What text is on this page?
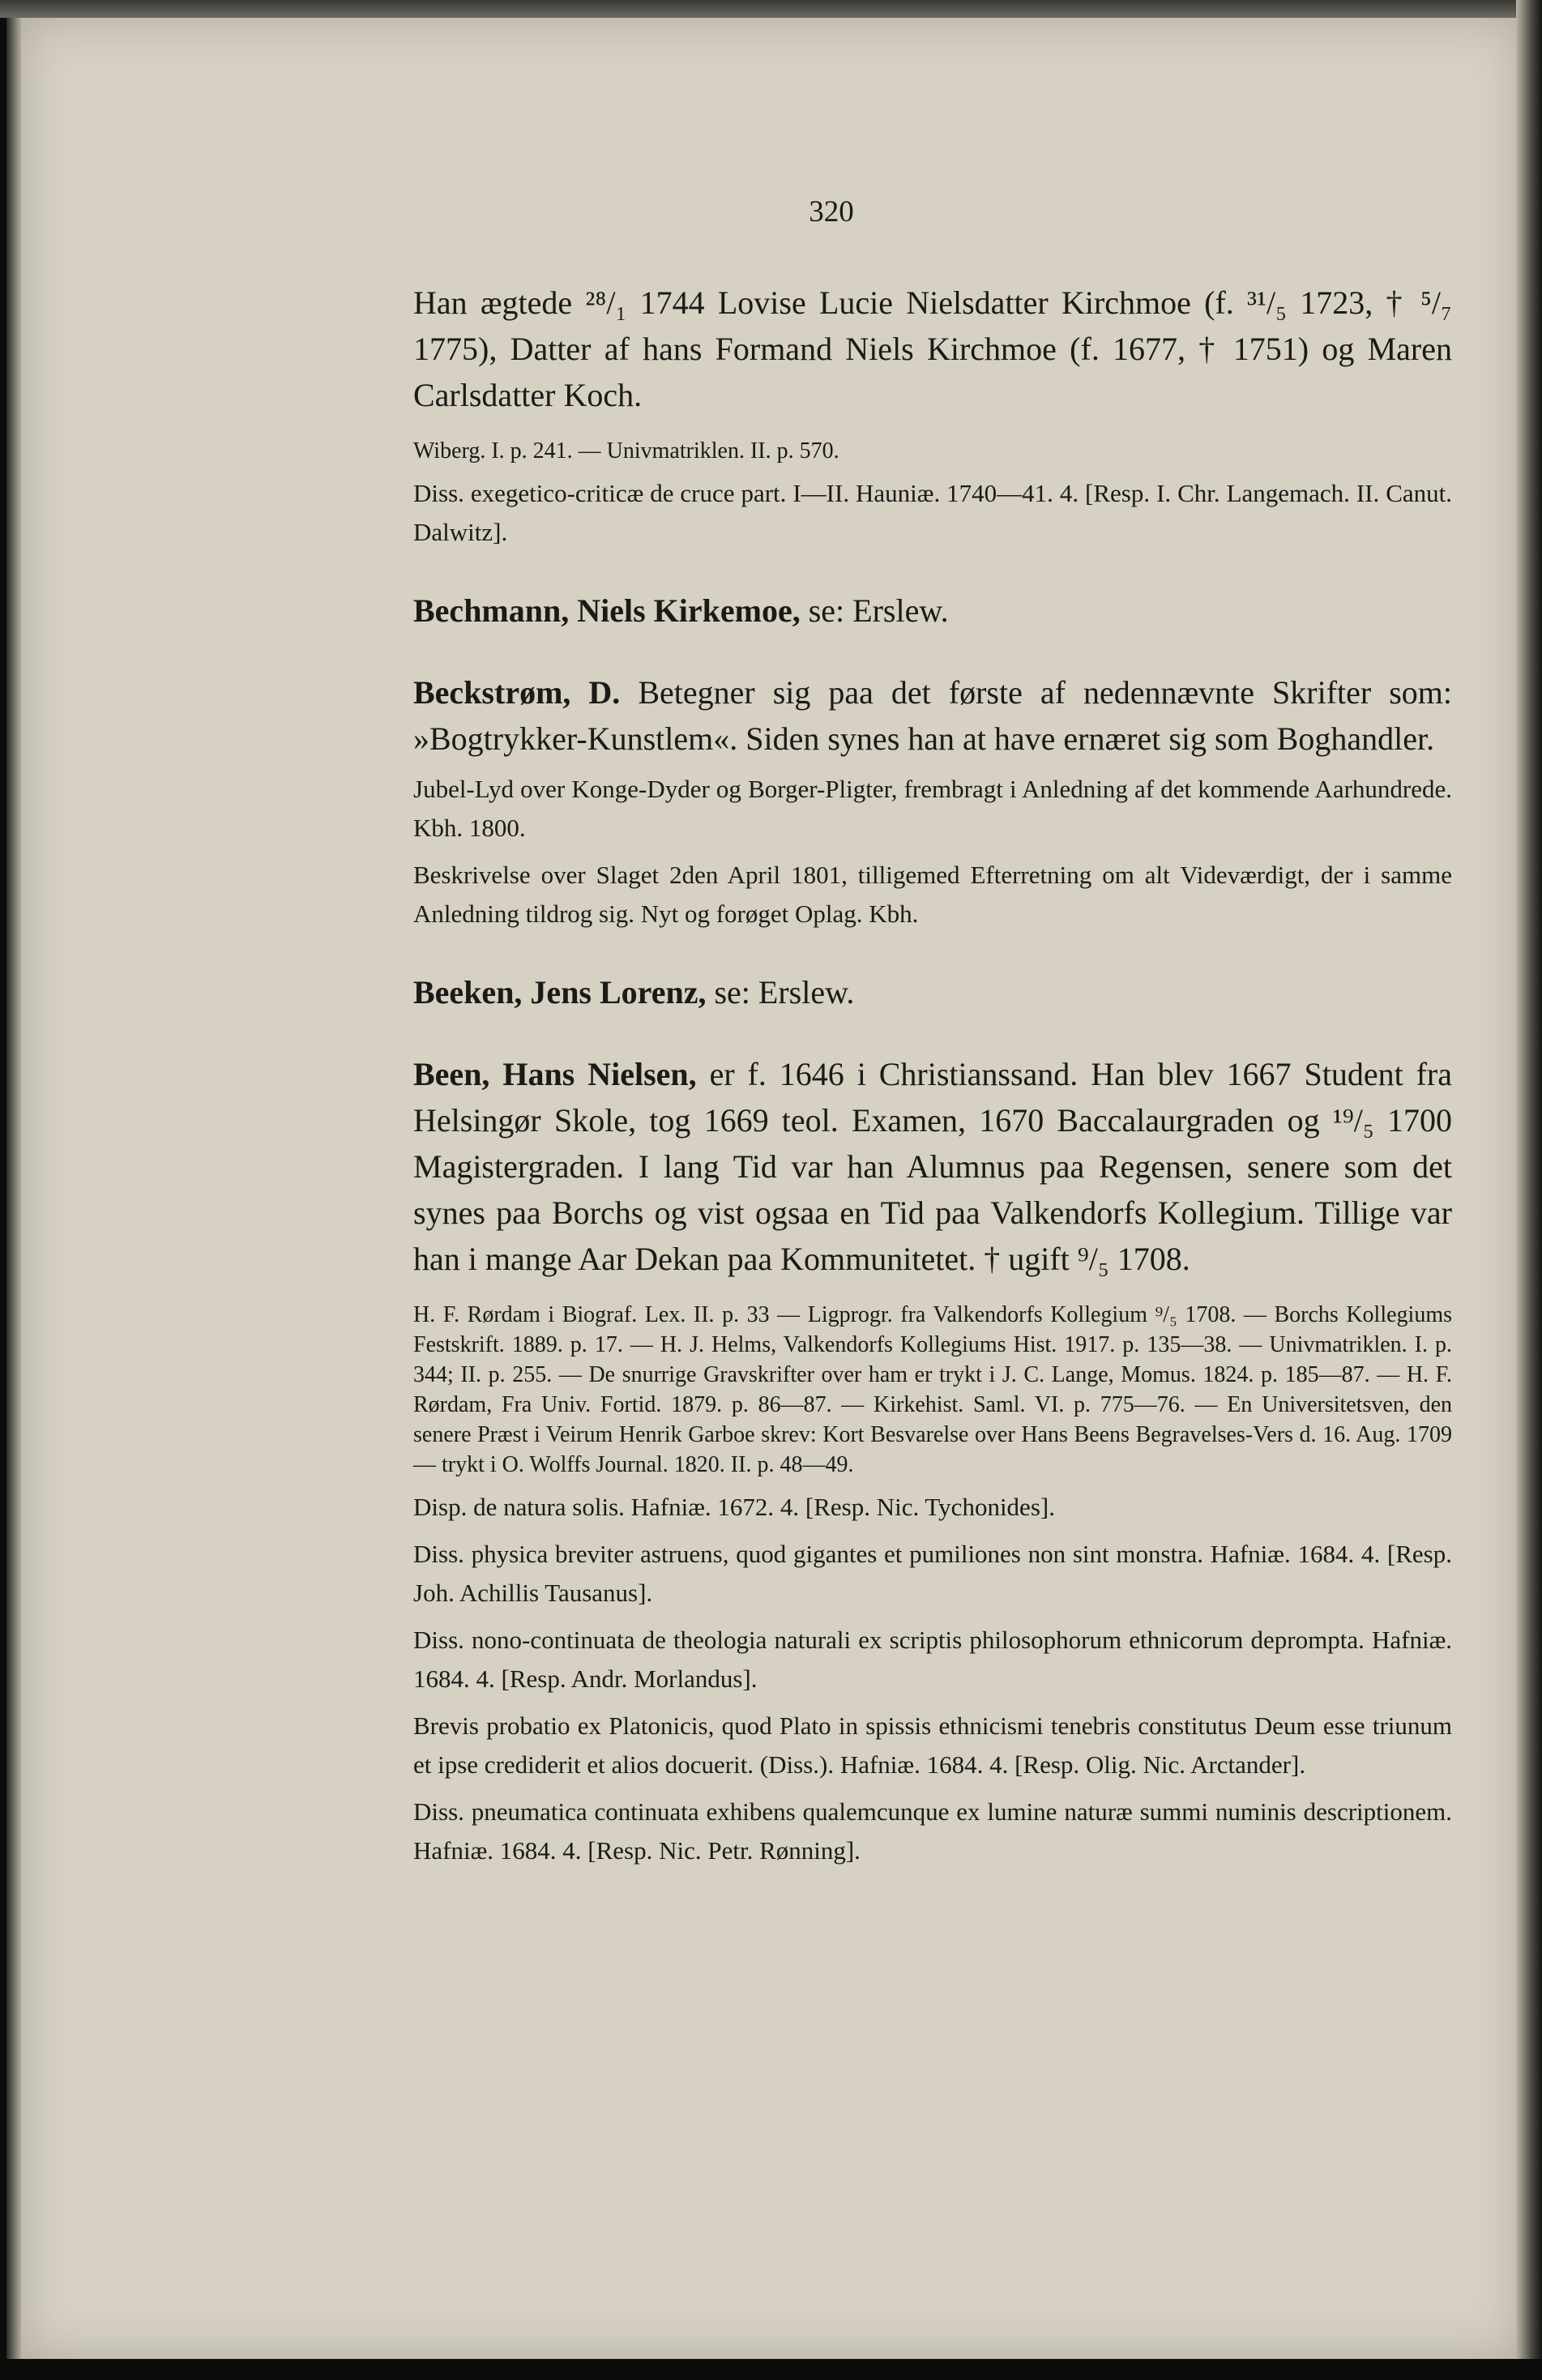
320

Han ægtede ²⁸/₁ 1744 Lovise Lucie Nielsdatter Kirchmoe (f. ³¹/₅ 1723, † ⁵/₇ 1775), Datter af hans Formand Niels Kirchmoe (f. 1677, † 1751) og Maren Carlsdatter Koch.

Wiberg. I. p. 241. — Univmatriklen. II. p. 570.

Diss. exegetico-criticæ de cruce part. I—II. Hauniæ. 1740—41. 4. [Resp. I. Chr. Langemach. II. Canut. Dalwitz].

Bechmann, Niels Kirkemoe, se: Erslew.

Beckstrøm, D. Betegner sig paa det første af nedennævnte Skrifter som: »Bogtrykker-Kunstlem«. Siden synes han at have ernæret sig som Boghandler.

Jubel-Lyd over Konge-Dyder og Borger-Pligter, frembragt i Anledning af det kommende Aarhundrede. Kbh. 1800.

Beskrivelse over Slaget 2den April 1801, tilligemed Efterretning om alt Videværdigt, der i samme Anledning tildrog sig. Nyt og forøget Oplag. Kbh.

Beeken, Jens Lorenz, se: Erslew.

Been, Hans Nielsen, er f. 1646 i Christianssand. Han blev 1667 Student fra Helsingør Skole, tog 1669 teol. Examen, 1670 Baccalaurgraden og ¹⁹/₅ 1700 Magistergraden. I lang Tid var han Alumnus paa Regensen, senere som det synes paa Borchs og vist ogsaa en Tid paa Valkendorfs Kollegium. Tillige var han i mange Aar Dekan paa Kommunitetet. † ugift ⁹/₅ 1708.

H. F. Rørdam i Biograf. Lex. II. p. 33 — Ligprogr. fra Valkendorfs Kollegium ⁹/₅ 1708. — Borchs Kollegiums Festskrift. 1889. p. 17. — H. J. Helms, Valkendorfs Kollegiums Hist. 1917. p. 135—38. — Univmatriklen. I. p. 344; II. p. 255. — De snurrige Gravskrifter over ham er trykt i J. C. Lange, Momus. 1824. p. 185—87. — H. F. Rørdam, Fra Univ. Fortid. 1879. p. 86—87. — Kirkehist. Saml. VI. p. 775—76. — En Universitetsven, den senere Præst i Veirum Henrik Garboe skrev: Kort Besvarelse over Hans Beens Begravelses-Vers d. 16. Aug. 1709 — trykt i O. Wolffs Journal. 1820. II. p. 48—49.

Disp. de natura solis. Hafniæ. 1672. 4. [Resp. Nic. Tychonides].

Diss. physica breviter astruens, quod gigantes et pumiliones non sint monstra. Hafniæ. 1684. 4. [Resp. Joh. Achillis Tausanus].

Diss. nono-continuata de theologia naturali ex scriptis philosophorum ethnicorum deprompta. Hafniæ. 1684. 4. [Resp. Andr. Morlandus].

Brevis probatio ex Platonicis, quod Plato in spissis ethnicismi tenebris constitutus Deum esse triunum et ipse crediderit et alios docuerit. (Diss.). Hafniæ. 1684. 4. [Resp. Olig. Nic. Arctander].

Diss. pneumatica continuata exhibens qualemcunque ex lumine naturæ summi numinis descriptionem. Hafniæ. 1684. 4. [Resp. Nic. Petr. Rønning].
